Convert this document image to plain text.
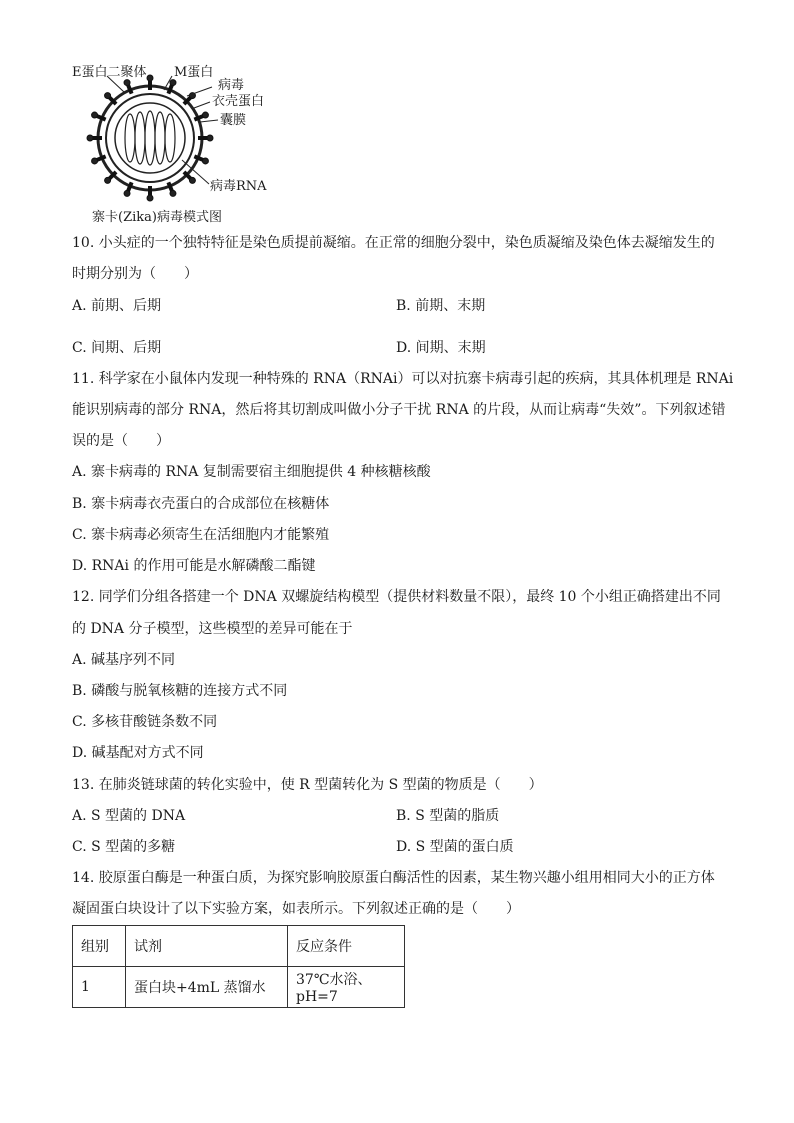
E蛋白二聚体 M蛋白
病毒
衣壳蛋白
囊膜
病毒RNA
寨卡(Zika)病毒模式图
10. 小头症的一个独特特征是染色质提前凝缩。在正常的细胞分裂中，染色质凝缩及染色体去凝缩发生的
时期分别为（　　）
A. 前期、后期	B. 前期、末期
C. 间期、后期	D. 间期、末期
11. 科学家在小鼠体内发现一种特殊的 RNA（RNAi）可以对抗寨卡病毒引起的疾病，其具体机理是 RNAi
能识别病毒的部分 RNA，然后将其切割成叫做小分子干扰 RNA 的片段，从而让病毒“失效”。下列叙述错
误的是（　　）
A. 寨卡病毒的 RNA 复制需要宿主细胞提供 4 种核糖核酸
B. 寨卡病毒衣壳蛋白的合成部位在核糖体
C. 寨卡病毒必须寄生在活细胞内才能繁殖
D. RNAi 的作用可能是水解磷酸二酯键
12. 同学们分组各搭建一个 DNA 双螺旋结构模型（提供材料数量不限），最终 10 个小组正确搭建出不同
的 DNA 分子模型，这些模型的差异可能在于
A. 碱基序列不同
B. 磷酸与脱氧核糖的连接方式不同
C. 多核苷酸链条数不同
D. 碱基配对方式不同
13. 在肺炎链球菌的转化实验中，使 R 型菌转化为 S 型菌的物质是（　　）
A. S 型菌的 DNA	B. S 型菌的脂质
C. S 型菌的多糖	D. S 型菌的蛋白质
14. 胶原蛋白酶是一种蛋白质，为探究影响胶原蛋白酶活性的因素，某生物兴趣小组用相同大小的正方体
凝固蛋白块设计了以下实验方案，如表所示。下列叙述正确的是（　　）
组别	试剂	反应条件
1	蛋白块+4mL 蒸馏水	37℃水浴、pH=7
